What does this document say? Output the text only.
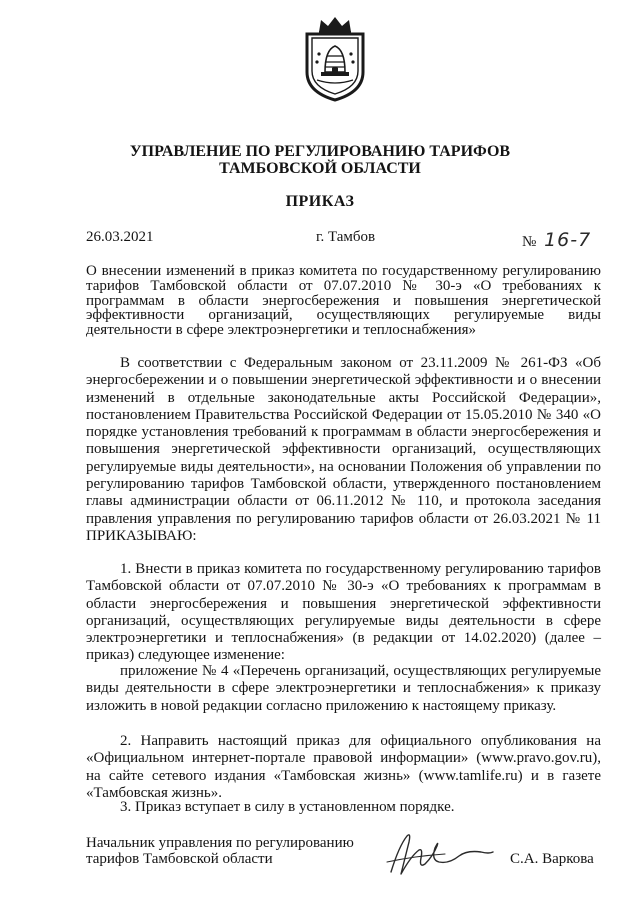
УПРАВЛЕНИЕ ПО РЕГУЛИРОВАНИЮ ТАРИФОВ
ТАМБОВСКОЙ ОБЛАСТИ
ПРИКАЗ
26.03.2021	г. Тамбов	№ 16-7
О внесении изменений в приказ комитета по государственному регулированию тарифов Тамбовской области от 07.07.2010 № 30-э «О требованиях к программам в области энергосбережения и повышения энергетической эффективности организаций, осуществляющих регулируемые виды деятельности в сфере электроэнергетики и теплоснабжения»

В соответствии с Федеральным законом от 23.11.2009 № 261-ФЗ «Об энергосбережении и о повышении энергетической эффективности и о внесении изменений в отдельные законодательные акты Российской Федерации», постановлением Правительства Российской Федерации от 15.05.2010 № 340 «О порядке установления требований к программам в области энергосбережения и повышения энергетической эффективности организаций, осуществляющих регулируемые виды деятельности», на основании Положения об управлении по регулированию тарифов Тамбовской области, утвержденного постановлением главы администрации области от 06.11.2012 № 110, и протокола заседания правления управления по регулированию тарифов области от 26.03.2021 № 11 ПРИКАЗЫВАЮ:

1. Внести в приказ комитета по государственному регулированию тарифов Тамбовской области от 07.07.2010 № 30-э «О требованиях к программам в области энергосбережения и повышения энергетической эффективности организаций, осуществляющих регулируемые виды деятельности в сфере электроэнергетики и теплоснабжения» (в редакции от 14.02.2020) (далее – приказ) следующее изменение:

приложение № 4 «Перечень организаций, осуществляющих регулируемые виды деятельности в сфере электроэнергетики и теплоснабжения» к приказу изложить в новой редакции согласно приложению к настоящему приказу.

2. Направить настоящий приказ для официального опубликования на «Официальном интернет-портале правовой информации» (www.pravo.gov.ru), на сайте сетевого издания «Тамбовская жизнь» (www.tamlife.ru) и в газете «Тамбовская жизнь».

3. Приказ вступает в силу в установленном порядке.

Начальник управления по регулированию
тарифов Тамбовской области	С.А. Варкова
